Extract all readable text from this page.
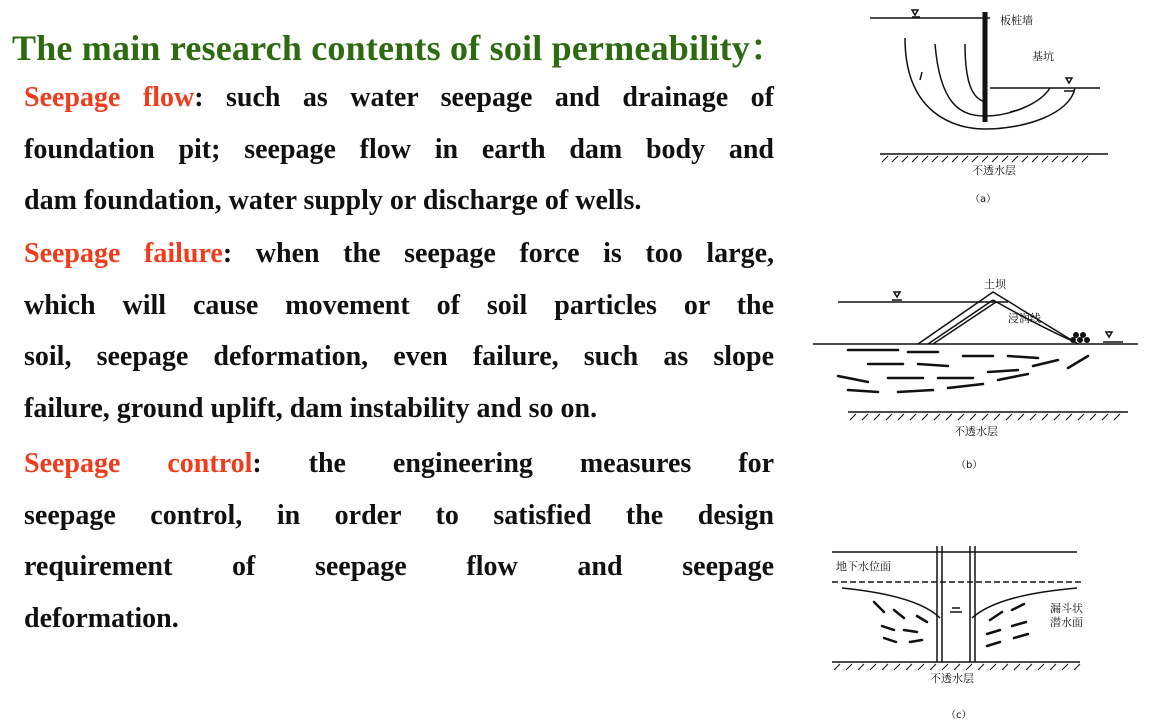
The main research contents of soil permeability：
Seepage flow: such as water seepage and drainage of
foundation pit; seepage flow in earth dam body and
dam foundation, water supply or discharge of wells.
Seepage failure: when the seepage force is too large,
which will cause movement of soil particles or the
soil, seepage deformation, even failure, such as slope
failure, ground uplift, dam instability and so on.
Seepage control: the engineering measures for
seepage control, in order to satisfied the design
requirement of seepage flow and seepage
deformation.
板桩墙
基坑
不透水层
（a）
土坝
浸润线
不透水层
（b）
地下水位面
漏斗状
潜水面
不透水层
（c）
